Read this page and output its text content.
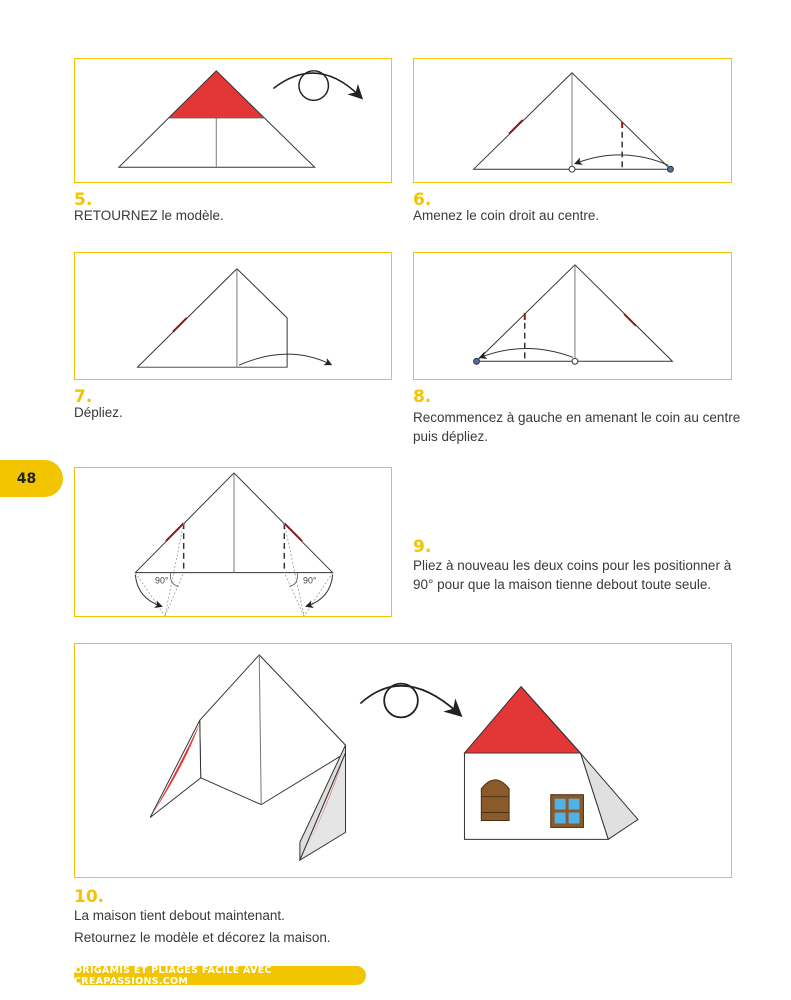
5.
RETOURNEZ le modèle.
6.
Amenez le coin droit au centre.
7.
Dépliez.
8.
Recommencez à gauche en amenant le coin au centre
puis dépliez.
90°	90°
9.
Pliez à nouveau les deux coins pour les positionner à
90° pour que la maison tienne debout toute seule.
10.
La maison tient debout maintenant.
Retournez le modèle et décorez la maison.
48
ORIGAMIS ET PLIAGES FACILE AVEC CREAPASSIONS.COM
